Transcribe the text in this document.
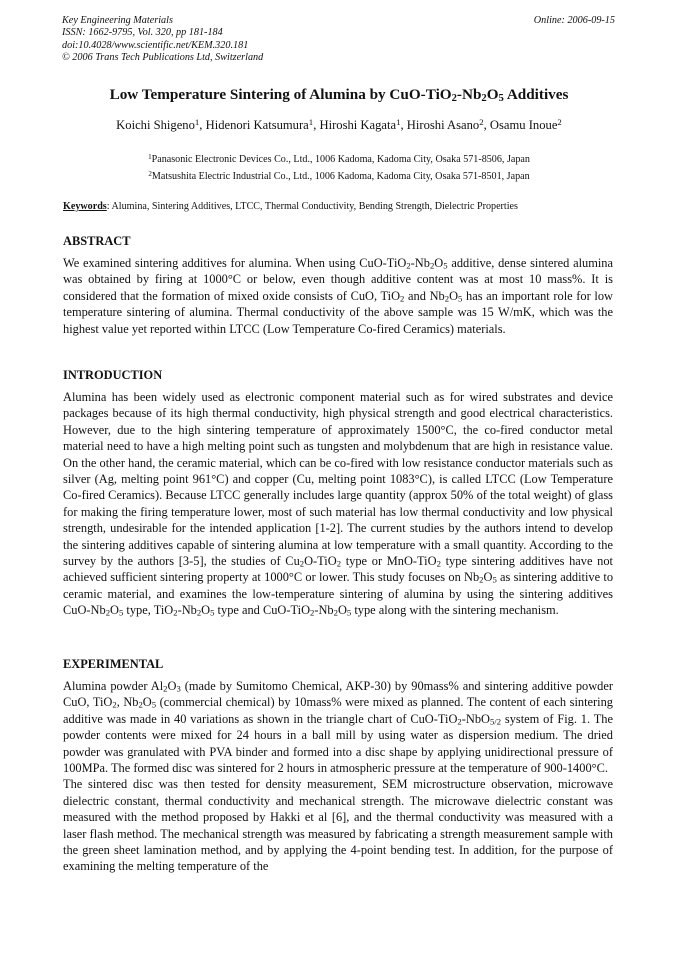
Key Engineering Materials
ISSN: 1662-9795, Vol. 320, pp 181-184
doi:10.4028/www.scientific.net/KEM.320.181
© 2006 Trans Tech Publications Ltd, Switzerland
Online: 2006-09-15
Low Temperature Sintering of Alumina by CuO-$TiO_2-Nb_2O_5$ Additives
Koichi Shigeno$^1$, Hidenori Katsumura$^1$, Hiroshi Kagata$^1$, Hiroshi Asano$^2$, Osamu Inoue$^2$
$^1$Panasonic Electronic Devices Co., Ltd., 1006 Kadoma, Kadoma City, Osaka 571-8506, Japan
$^2$Matsushita Electric Industrial Co., Ltd., 1006 Kadoma, Kadoma City, Osaka 571-8501, Japan
Keywords: Alumina, Sintering Additives, LTCC, Thermal Conductivity, Bending Strength, Dielectric Properties
ABSTRACT
We examined sintering additives for alumina. When using CuO-$TiO_2-Nb_2O_5$ additive, dense sintered alumina was obtained by firing at 1000°C or below, even though additive content was at most 10 mass%. It is considered that the formation of mixed oxide consists of CuO, TiO$_2$ and $Nb_2O_5$ has an important role for low temperature sintering of alumina. Thermal conductivity of the above sample was 15 W/mK, which was the highest value yet reported within LTCC (Low Temperature Co-fired Ceramics) materials.
INTRODUCTION
Alumina has been widely used as electronic component material such as for wired substrates and device packages because of its high thermal conductivity, high physical strength and good electrical characteristics. However, due to the high sintering temperature of approximately 1500°C, the co-fired conductor metal material need to have a high melting point such as tungsten and molybdenum that are high in resistance value. On the other hand, the ceramic material, which can be co-fired with low resistance conductor materials such as silver (Ag, melting point 961°C) and copper (Cu, melting point 1083°C), is called LTCC (Low Temperature Co-fired Ceramics). Because LTCC generally includes large quantity (approx 50% of the total weight) of glass for making the firing temperature lower, most of such material has low thermal conductivity and low physical strength, undesirable for the intended application [1-2]. The current studies by the authors intend to develop the sintering additives capable of sintering alumina at low temperature with a small quantity. According to the survey by the authors [3-5], the studies of $Cu_2O-TiO_2$ type or MnO-TiO$_2$ type sintering additives have not achieved sufficient sintering property at 1000°C or lower. This study focuses on $Nb_2O_5$ as sintering additive to ceramic material, and examines the low-temperature sintering of alumina by using the sintering additives CuO-$Nb_2O_5$ type, $TiO_2-Nb_2O_5$ type and CuO-$TiO_2-Nb_2O_5$ type along with the sintering mechanism.
EXPERIMENTAL

Alumina powder $Al_2O_3$ (made by Sumitomo Chemical, AKP-30) by 90mass% and sintering additive powder CuO, TiO$_2$, $Nb_2O_5$ (commercial chemical) by 10mass% were mixed as planned. The content of each sintering additive was made in 40 variations as shown in the triangle chart of CuO-TiO$_2$-NbO$_{5/2}$ system of Fig. 1. The powder contents were mixed for 24 hours in a ball mill by using water as dispersion medium. The dried powder was granulated with PVA binder and formed into a disc shape by applying unidirectional pressure of 100MPa. The formed disc was sintered for 2 hours in atmospheric pressure at the temperature of 900-1400°C.

The sintered disc was then tested for density measurement, SEM microstructure observation, microwave dielectric constant, thermal conductivity and mechanical strength. The microwave dielectric constant was measured with the method proposed by Hakki et al [6], and the thermal conductivity was measured with a laser flash method. The mechanical strength was measured by fabricating a strength measurement sample with the green sheet lamination method, and by applying the 4-point bending test. In addition, for the purpose of examining the melting temperature of the
